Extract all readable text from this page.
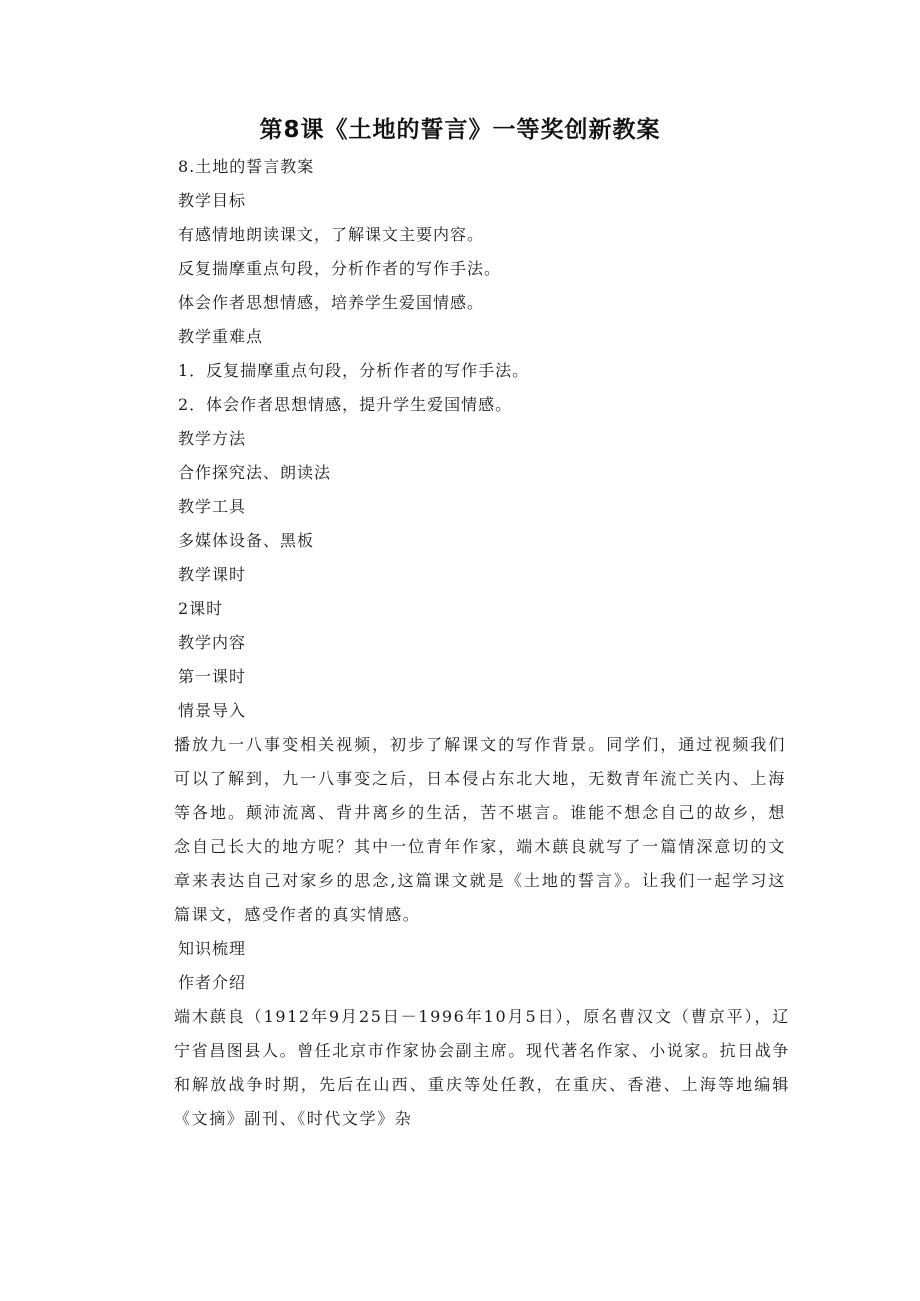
第8课《土地的誓言》一等奖创新教案
8.土地的誓言教案
教学目标
有感情地朗读课文，了解课文主要内容。
反复揣摩重点句段，分析作者的写作手法。
体会作者思想情感，培养学生爱国情感。
教学重难点
1．反复揣摩重点句段，分析作者的写作手法。
2．体会作者思想情感，提升学生爱国情感。
教学方法
合作探究法、朗读法
教学工具
多媒体设备、黑板
教学课时
2课时
教学内容
第一课时
情景导入
播放九一八事变相关视频，初步了解课文的写作背景。同学们，通过视频我们可以了解到，九一八事变之后，日本侵占东北大地，无数青年流亡关内、上海等各地。颠沛流离、背井离乡的生活，苦不堪言。谁能不想念自己的故乡，想念自己长大的地方呢？其中一位青年作家，端木蕻良就写了一篇情深意切的文章来表达自己对家乡的思念,这篇课文就是《土地的誓言》。让我们一起学习这篇课文，感受作者的真实情感。
知识梳理
作者介绍
端木蕻良（1912年9月25日－1996年10月5日），原名曹汉文（曹京平），辽宁省昌图县人。曾任北京市作家协会副主席。现代著名作家、小说家。抗日战争和解放战争时期，先后在山西、重庆等处任教，在重庆、香港、上海等地编辑《文摘》副刊、《时代文学》杂
